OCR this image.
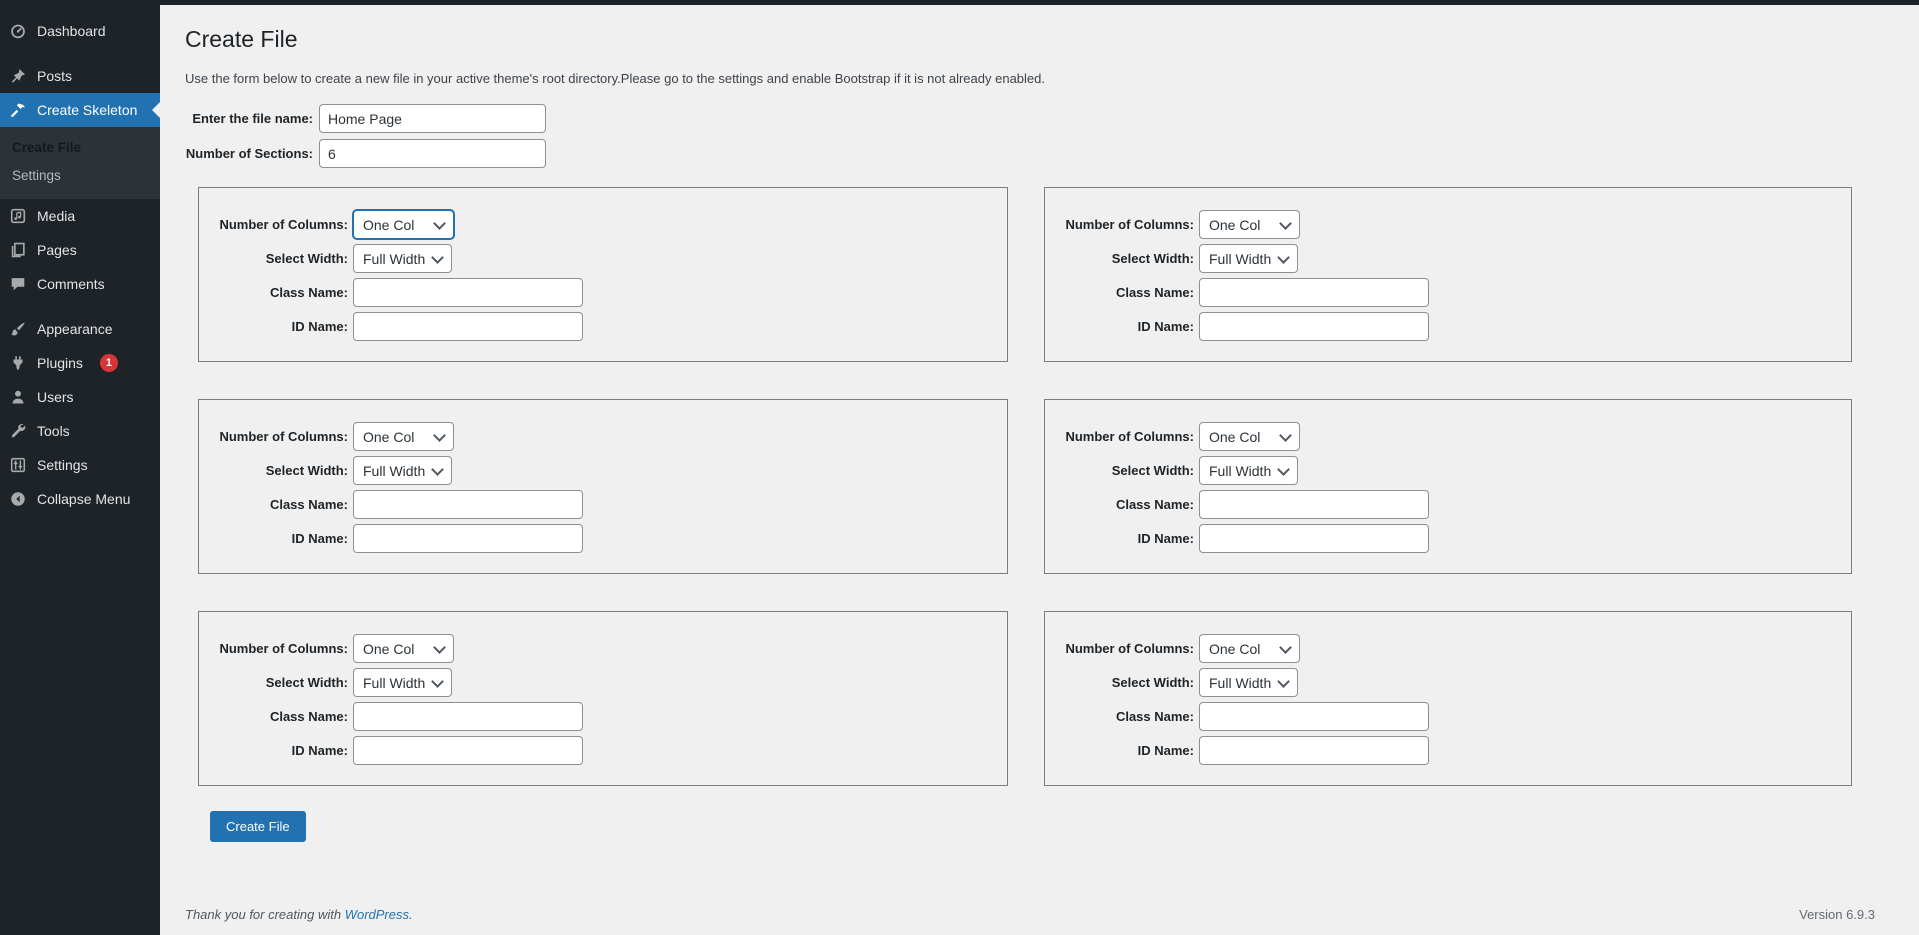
Dashboard
Posts
Create Skeleton
Create File
Settings
Media
Pages
Comments
Appearance
Plugins	1
Users
Tools
Settings
Collapse Menu
Create File

Use the form below to create a new file in your active theme's root directory.Please go to the settings and enable Bootstrap if it is not already enabled.

Enter the file name:
Home Page
Number of Sections:
6
Number of Columns:
One Col
Select Width:
Full Width
Class Name:
ID Name:
Number of Columns:
One Col
Select Width:
Full Width
Class Name:
ID Name:
Number of Columns:
One Col
Select Width:
Full Width
Class Name:
ID Name:
Number of Columns:
One Col
Select Width:
Full Width
Class Name:
ID Name:
Number of Columns:
One Col
Select Width:
Full Width
Class Name:
ID Name:
Number of Columns:
One Col
Select Width:
Full Width
Class Name:
ID Name:
Create File
Thank you for creating with WordPress.	Version 6.9.3
